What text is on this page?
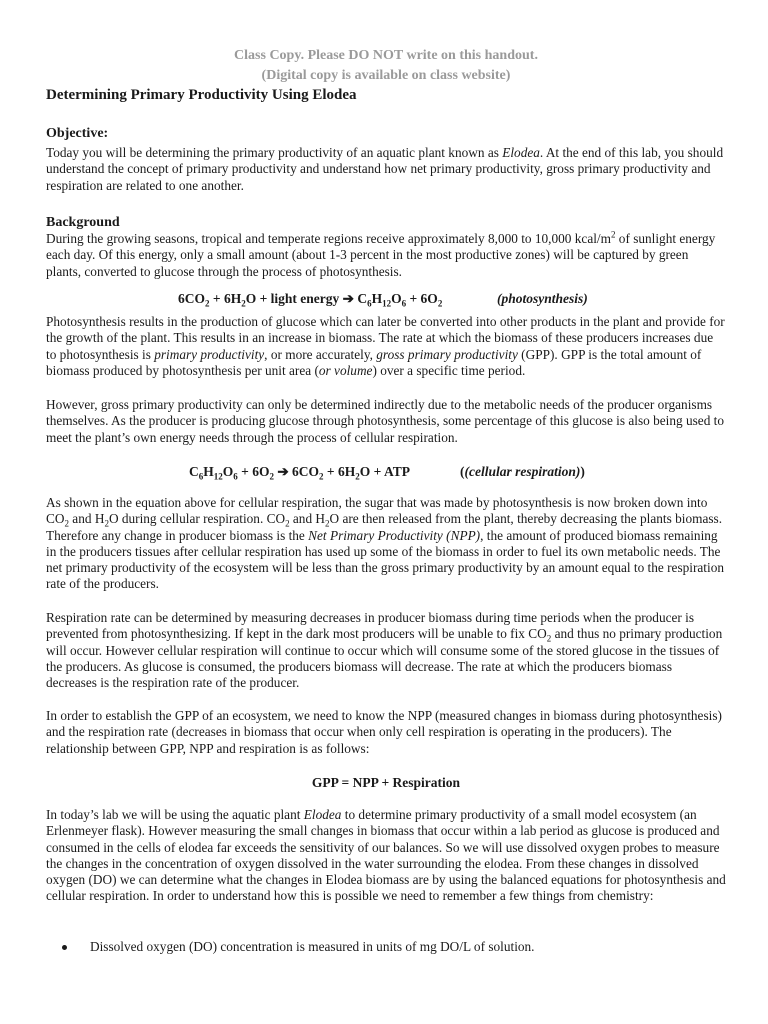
Class Copy. Please DO NOT write on this handout.
(Digital copy is available on class website)
Determining Primary Productivity Using Elodea
Objective:
Today you will be determining the primary productivity of an aquatic plant known as Elodea. At the end of this lab, you should understand the concept of primary productivity and understand how net primary productivity, gross primary productivity and respiration are related to one another.
Background
During the growing seasons, tropical and temperate regions receive approximately 8,000 to 10,000 kcal/$m^2$ of sunlight energy each day. Of this energy, only a small amount (about 1-3 percent in the most productive zones) will be captured by green plants, converted to glucose through the process of photosynthesis.
$6CO_2 + 6H_2O$ + light energy ➔ $C_6H_{12}O_6 + 6O_2$	(photosynthesis)
Photosynthesis results in the production of glucose which can later be converted into other products in the plant and provide for the growth of the plant. This results in an increase in biomass. The rate at which the biomass of these producers increases due to photosynthesis is primary productivity, or more accurately, gross primary productivity (GPP). GPP is the total amount of biomass produced by photosynthesis per unit area (or volume) over a specific time period.
However, gross primary productivity can only be determined indirectly due to the metabolic needs of the producer organisms themselves. As the producer is producing glucose through photosynthesis, some percentage of this glucose is also being used to meet the plant’s own energy needs through the process of cellular respiration.
$C_6H_{12}O_6 + 6O_2$ ➔ $6CO_2 + 6H_2O$ + ATP	((cellular respiration))
As shown in the equation above for cellular respiration, the sugar that was made by photosynthesis is now broken down into $CO_2$ and $H_2O$ during cellular respiration. $CO_2$ and $H_2O$ are then released from the plant, thereby decreasing the plants biomass. Therefore any change in producer biomass is the Net Primary Productivity (NPP), the amount of produced biomass remaining in the producers tissues after cellular respiration has used up some of the biomass in order to fuel its own metabolic needs. The net primary productivity of the ecosystem will be less than the gross primary productivity by an amount equal to the respiration rate of the producers.
Respiration rate can be determined by measuring decreases in producer biomass during time periods when the producer is prevented from photosynthesizing. If kept in the dark most producers will be unable to fix $CO_2$ and thus no primary production will occur. However cellular respiration will continue to occur which will consume some of the stored glucose in the tissues of the producers. As glucose is consumed, the producers biomass will decrease. The rate at which the producers biomass decreases is the respiration rate of the producer.
In order to establish the GPP of an ecosystem, we need to know the NPP (measured changes in biomass during photosynthesis) and the respiration rate (decreases in biomass that occur when only cell respiration is operating in the producers). The relationship between GPP, NPP and respiration is as follows:
GPP = NPP + Respiration
In today’s lab we will be using the aquatic plant Elodea to determine primary productivity of a small model ecosystem (an Erlenmeyer flask). However measuring the small changes in biomass that occur within a lab period as glucose is produced and consumed in the cells of elodea far exceeds the sensitivity of our balances. So we will use dissolved oxygen probes to measure the changes in the concentration of oxygen dissolved in the water surrounding the elodea. From these changes in dissolved oxygen (DO) we can determine what the changes in Elodea biomass are by using the balanced equations for photosynthesis and cellular respiration. In order to understand how this is possible we need to remember a few things from chemistry:
Dissolved oxygen (DO) concentration is measured in units of mg DO/L of solution.
